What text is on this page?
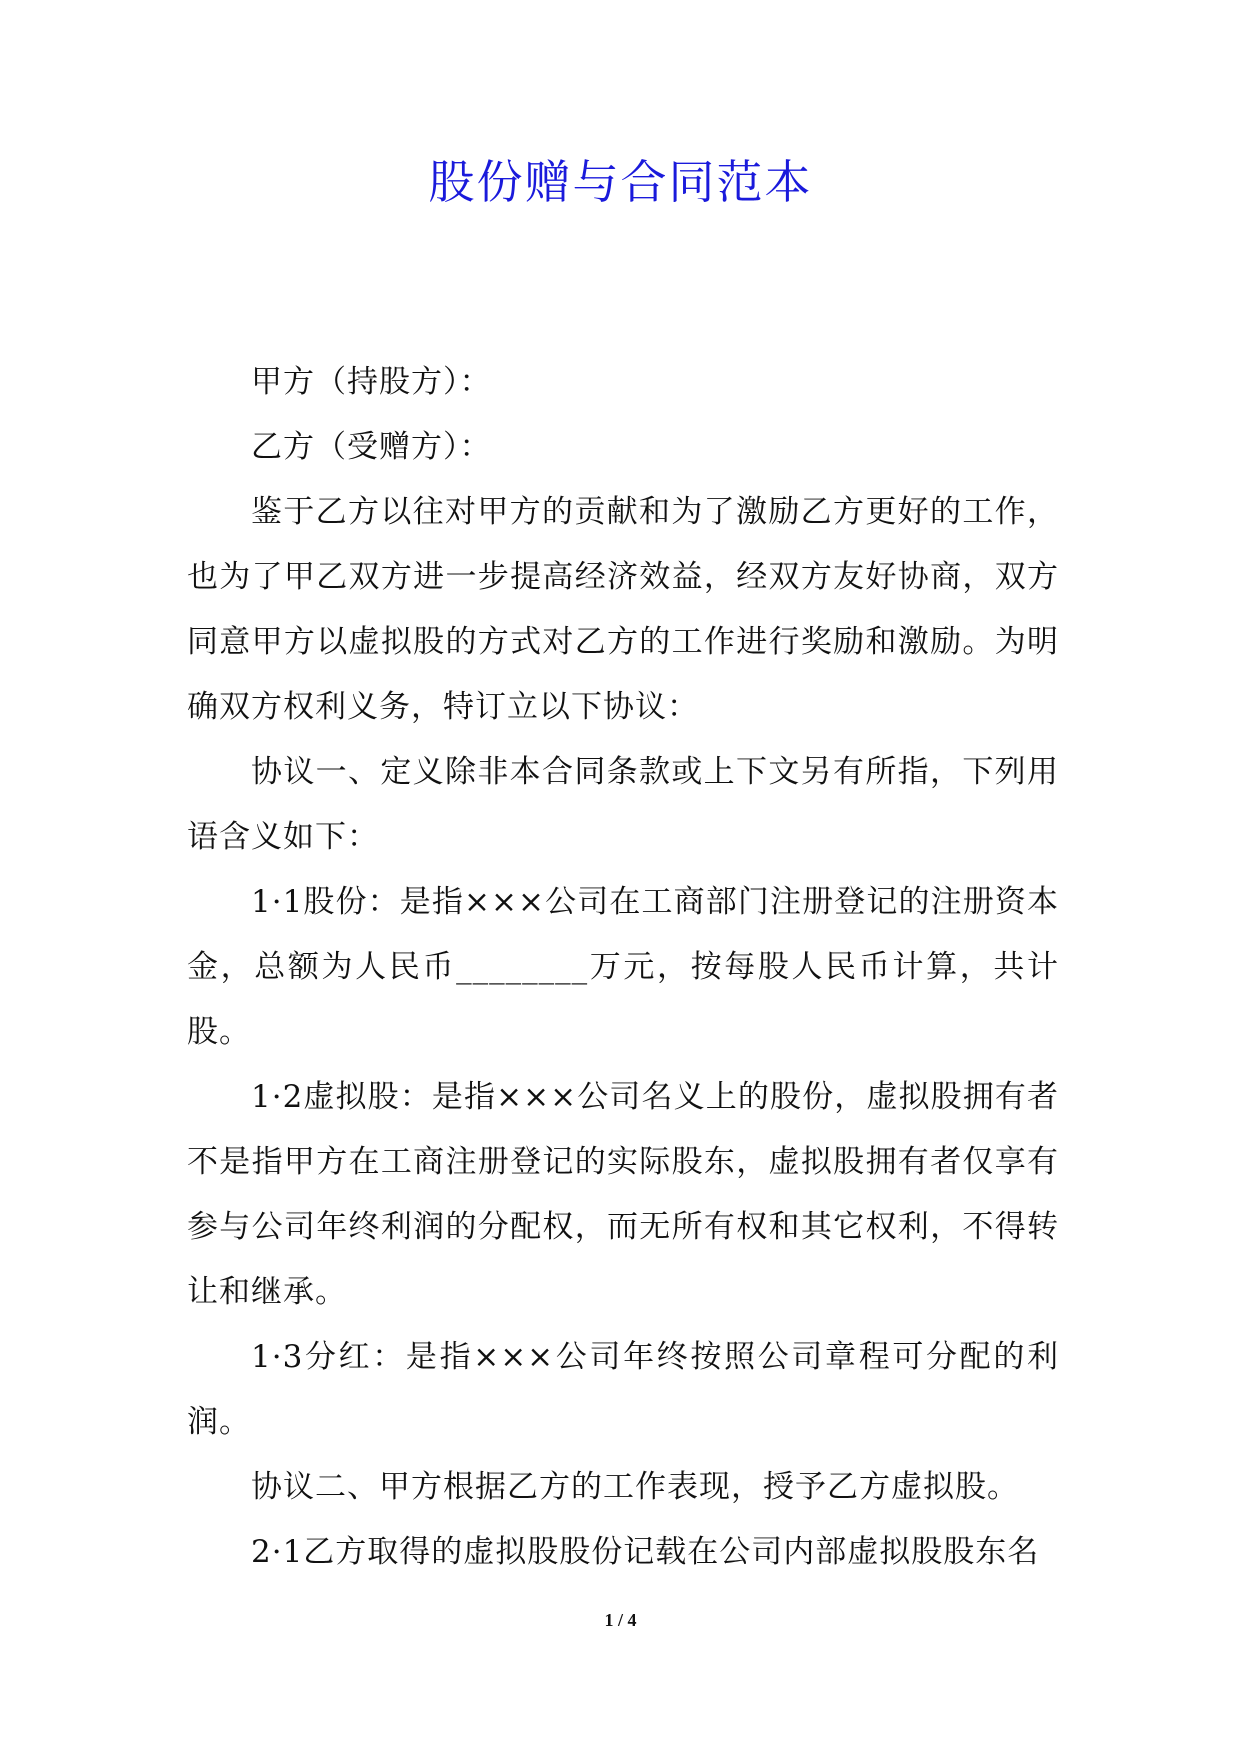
股份赠与合同范本

甲方（持股方）：

乙方（受赠方）：

鉴于乙方以往对甲方的贡献和为了激励乙方更好的工作，也为了甲乙双方进一步提高经济效益，经双方友好协商，双方同意甲方以虚拟股的方式对乙方的工作进行奖励和激励。为明确双方权利义务，特订立以下协议：

协议一、定义除非本合同条款或上下文另有所指，下列用语含义如下：

1·1股份：是指×××公司在工商部门注册登记的注册资本金，总额为人民币________万元，按每股人民币计算，共计股。

1·2虚拟股：是指×××公司名义上的股份，虚拟股拥有者不是指甲方在工商注册登记的实际股东，虚拟股拥有者仅享有参与公司年终利润的分配权，而无所有权和其它权利，不得转让和继承。

1·3分红：是指×××公司年终按照公司章程可分配的利润。

协议二、甲方根据乙方的工作表现，授予乙方虚拟股。

2·1乙方取得的虚拟股股份记载在公司内部虚拟股股东名

1 / 4
